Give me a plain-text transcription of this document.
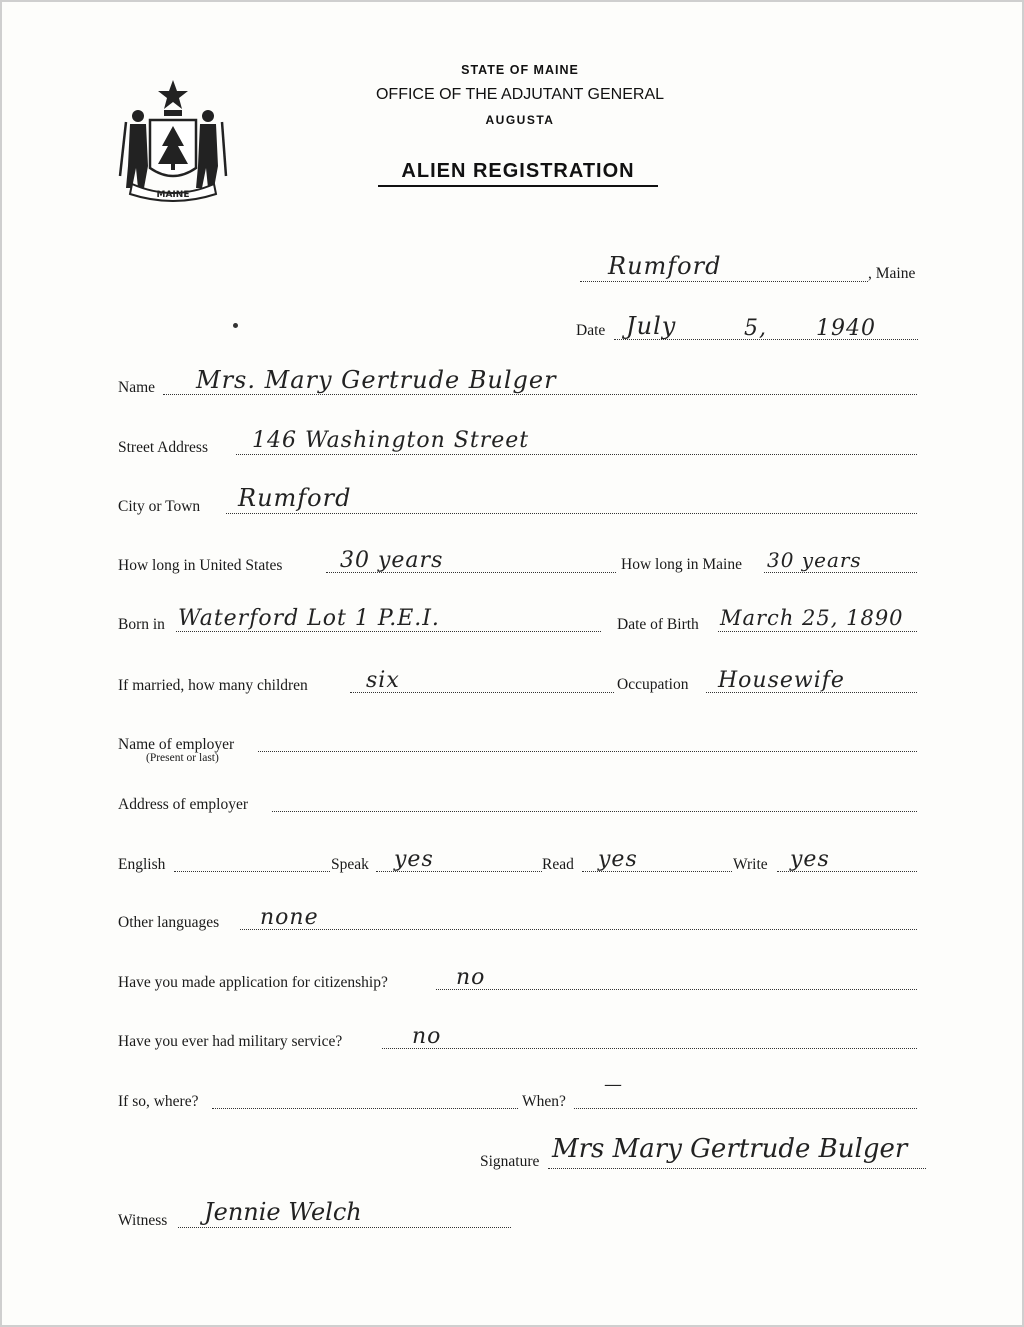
MAINE
STATE OF MAINE
OFFICE OF THE ADJUTANT GENERAL
AUGUSTA
ALIEN REGISTRATION
Rumford	, Maine
Date July	5, 1940
Name Mrs. Mary Gertrude Bulger
Street Address 146 Washington Street
City or Town Rumford
How long in United States	30 years	How long in Maine 30 years
Born in Waterford Lot 1 P.E.I.	Date of Birth March 25, 1890
If married, how many children	six	Occupation Housewife
Name of employer
(Present or last)
Address of employer
English	Speak yes	Read yes	Write yes
Other languages none
Have you made application for citizenship?	no
Have you ever had military service?	no
If so, where?	When?
—
Signature Mrs Mary Gertrude Bulger
Witness Jennie Welch
